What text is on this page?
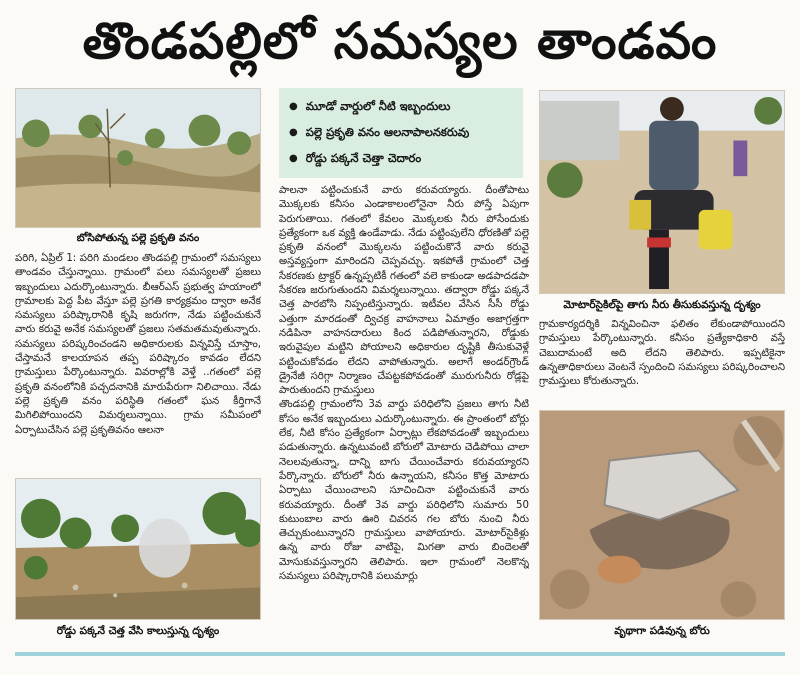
తొండపల్లిలో సమస్యల తాండవం
బోసిపోతున్న పల్లె ప్రకృతి వనం

పరిగి, ఏప్రిల్‌ 1: పరిగి మండలం తొండపల్లి గ్రామంలో సమస్యలు తాండవం చేస్తున్నాయి. గ్రామంలో పలు సమస్యలతో ప్రజలు ఇబ్బందులు ఎదుర్కొంటున్నారు. బీఆర్‌ఎస్‌ ప్రభుత్వ హయాంలో గ్రామాలకు పెద్ద పీట వేస్తూ పల్లె ప్రగతి కార్యక్రమం ద్వారా అనేక సమస్యలు పరిష్కారానికి కృషి జరుగగా, నేడు పట్టించుకునే వారు కరువై అనేక సమస్యలతో ప్రజలు సతమతమవుతున్నారు. సమస్యలు పరిష్కరించండని అధికారులకు విన్నవిస్తే చూస్తాం, చేస్తామనే కాలయాపన తప్ప పరిష్కారం కావడం లేదని గ్రామస్తులు పేర్కొంటున్నారు. వివరాల్లోకి వెళ్తే ..గతంలో పల్లె ప్రకృతి వనంలోనికి పచ్చదనానికి మారుపేరుగా నిలిచాయి. నేడు పల్లె ప్రకృతి వనం పరిస్థితి గతంలో ఘన కీర్తిగానే మిగిలిపోయిందని విమర్శలున్నాయి. గ్రామ సమీపంలో ఏర్పాటుచేసిన పల్లె ప్రకృతివనం ఆలనా

రోడ్డు పక్కనే చెత్త వేసి కాలుస్తున్న దృశ్యం
● మూడో వార్డులో నీటి ఇబ్బందులు
● పల్లె ప్రకృతి వనం ఆలనాపాలనకరువు
● రోడ్డు పక్కనే చెత్తా చెదారం

పాలనా పట్టించుకునే వారు కరువయ్యారు. దీంతోపాటు మొక్కలకు కనీసం ఎండాకాలంలోనైనా నీరు పోస్తే ఏపుగా పెరుగుతాయి. గతంలో కేవలం మొక్కలకు నీరు పోసేందుకు ప్రత్యేకంగా ఒక వ్యక్తి ఉండేవాడు. నేడు పట్టింపులేని ధోరణితో పల్లె ప్రకృతి వనంలో మొక్కలను పట్టించుకొనే వారు కరువై అస్తవ్యస్తంగా మారిందని చెప్పవచ్చు. ఇకపోతే గ్రామంలో చెత్త సేకరణకు ట్రాక్టర్‌ ఉన్నప్పటికీ గతంలో వలె కాకుండా అడపాదడపా సేకరణ జరుగుతుందని విమర్శలున్నాయి. తద్వారా రోడ్డు పక్కనే చెత్త పారబోసి నిప్పంటిస్తున్నారు. ఇటీవల వేసిన సీసీ రోడ్డు ఎత్తుగా మారడంతో ద్విచక్ర వాహనాలు ఏమాత్రం అజాగ్రత్తగా నడిపినా వాహనదారులు కింద పడిపోతున్నారని, రోడ్డుకు ఇరువైపుల మట్టిని పోయాలని అధికారుల దృష్టికి తీసుకువెళ్లే పట్టించుకోవడం లేదని వాపోతున్నారు. అలాగే అండర్‌గ్రౌండ్‌ డ్రైనేజీ సరిగ్గా నిర్మాణం చేపట్టకపోవడంతో మురుగునీరు రోడ్లపై పారుతుందని గ్రామస్తులు

తొండపల్లి గ్రామంలోని 3వ వార్డు పరిధిలోని ప్రజలు తాగు నీటి కోసం అనేక ఇబ్బందులు ఎదుర్కొంటున్నారు. ఈ ప్రాంతంలో బోర్లు లేక, నీటి కోసం ప్రత్యేకంగా ఏర్పాట్లు లేకపోవడంతో ఇబ్బందులు పడుతున్నారు. ఉన్నటువంటి బోరులో మోటారు చెడిపోయి చాలా నెలలవుతున్నా, దాన్ని బాగు చేయించేవారు కరువయ్యారని పేర్కొన్నారు. బోరులో నీరు ఉన్నాయని, కనీసం కొత్త మోటారు ఏర్పాటు చేయించాలని సూచించినా పట్టించుకునే వారు కరువయ్యారు. దీంతో 3వ వార్డు పరిధిలోని సుమారు 50 కుటుంబాల వారు ఊరి చివరన గల బోరు నుంచి నీరు తెచ్చుకుంటున్నారని గ్రామస్తులు వాపోయారు. మోటార్‌సైకిళ్లు ఉన్న వారు రోజు వాటిపై, మిగతా వారు బిందెలతో మోసుకువస్తున్నారని తెలిపారు. ఇలా గ్రామంలో నెలకొన్న సమస్యలు పరిష్కారానికి పలుమార్లు

మోటార్‌సైకిల్‌పై తాగు నీరు తీసుకువస్తున్న దృశ్యం

గ్రామకార్యదర్శికి విన్నవించినా ఫలితం లేకుండాపోయిందని గ్రామస్తులు పేర్కొంటున్నారు. కనీసం ప్రత్యేకాధికారి వస్తే చెబుదామంటే అది లేదని తెలిపారు. ఇప్పటికైనా ఉన్నతాధికారులు వెంటనే స్పందించి సమస్యలు పరిష్కరించాలని గ్రామస్తులు కోరుతున్నారు.

వృథాగా పడివున్న బోరు
